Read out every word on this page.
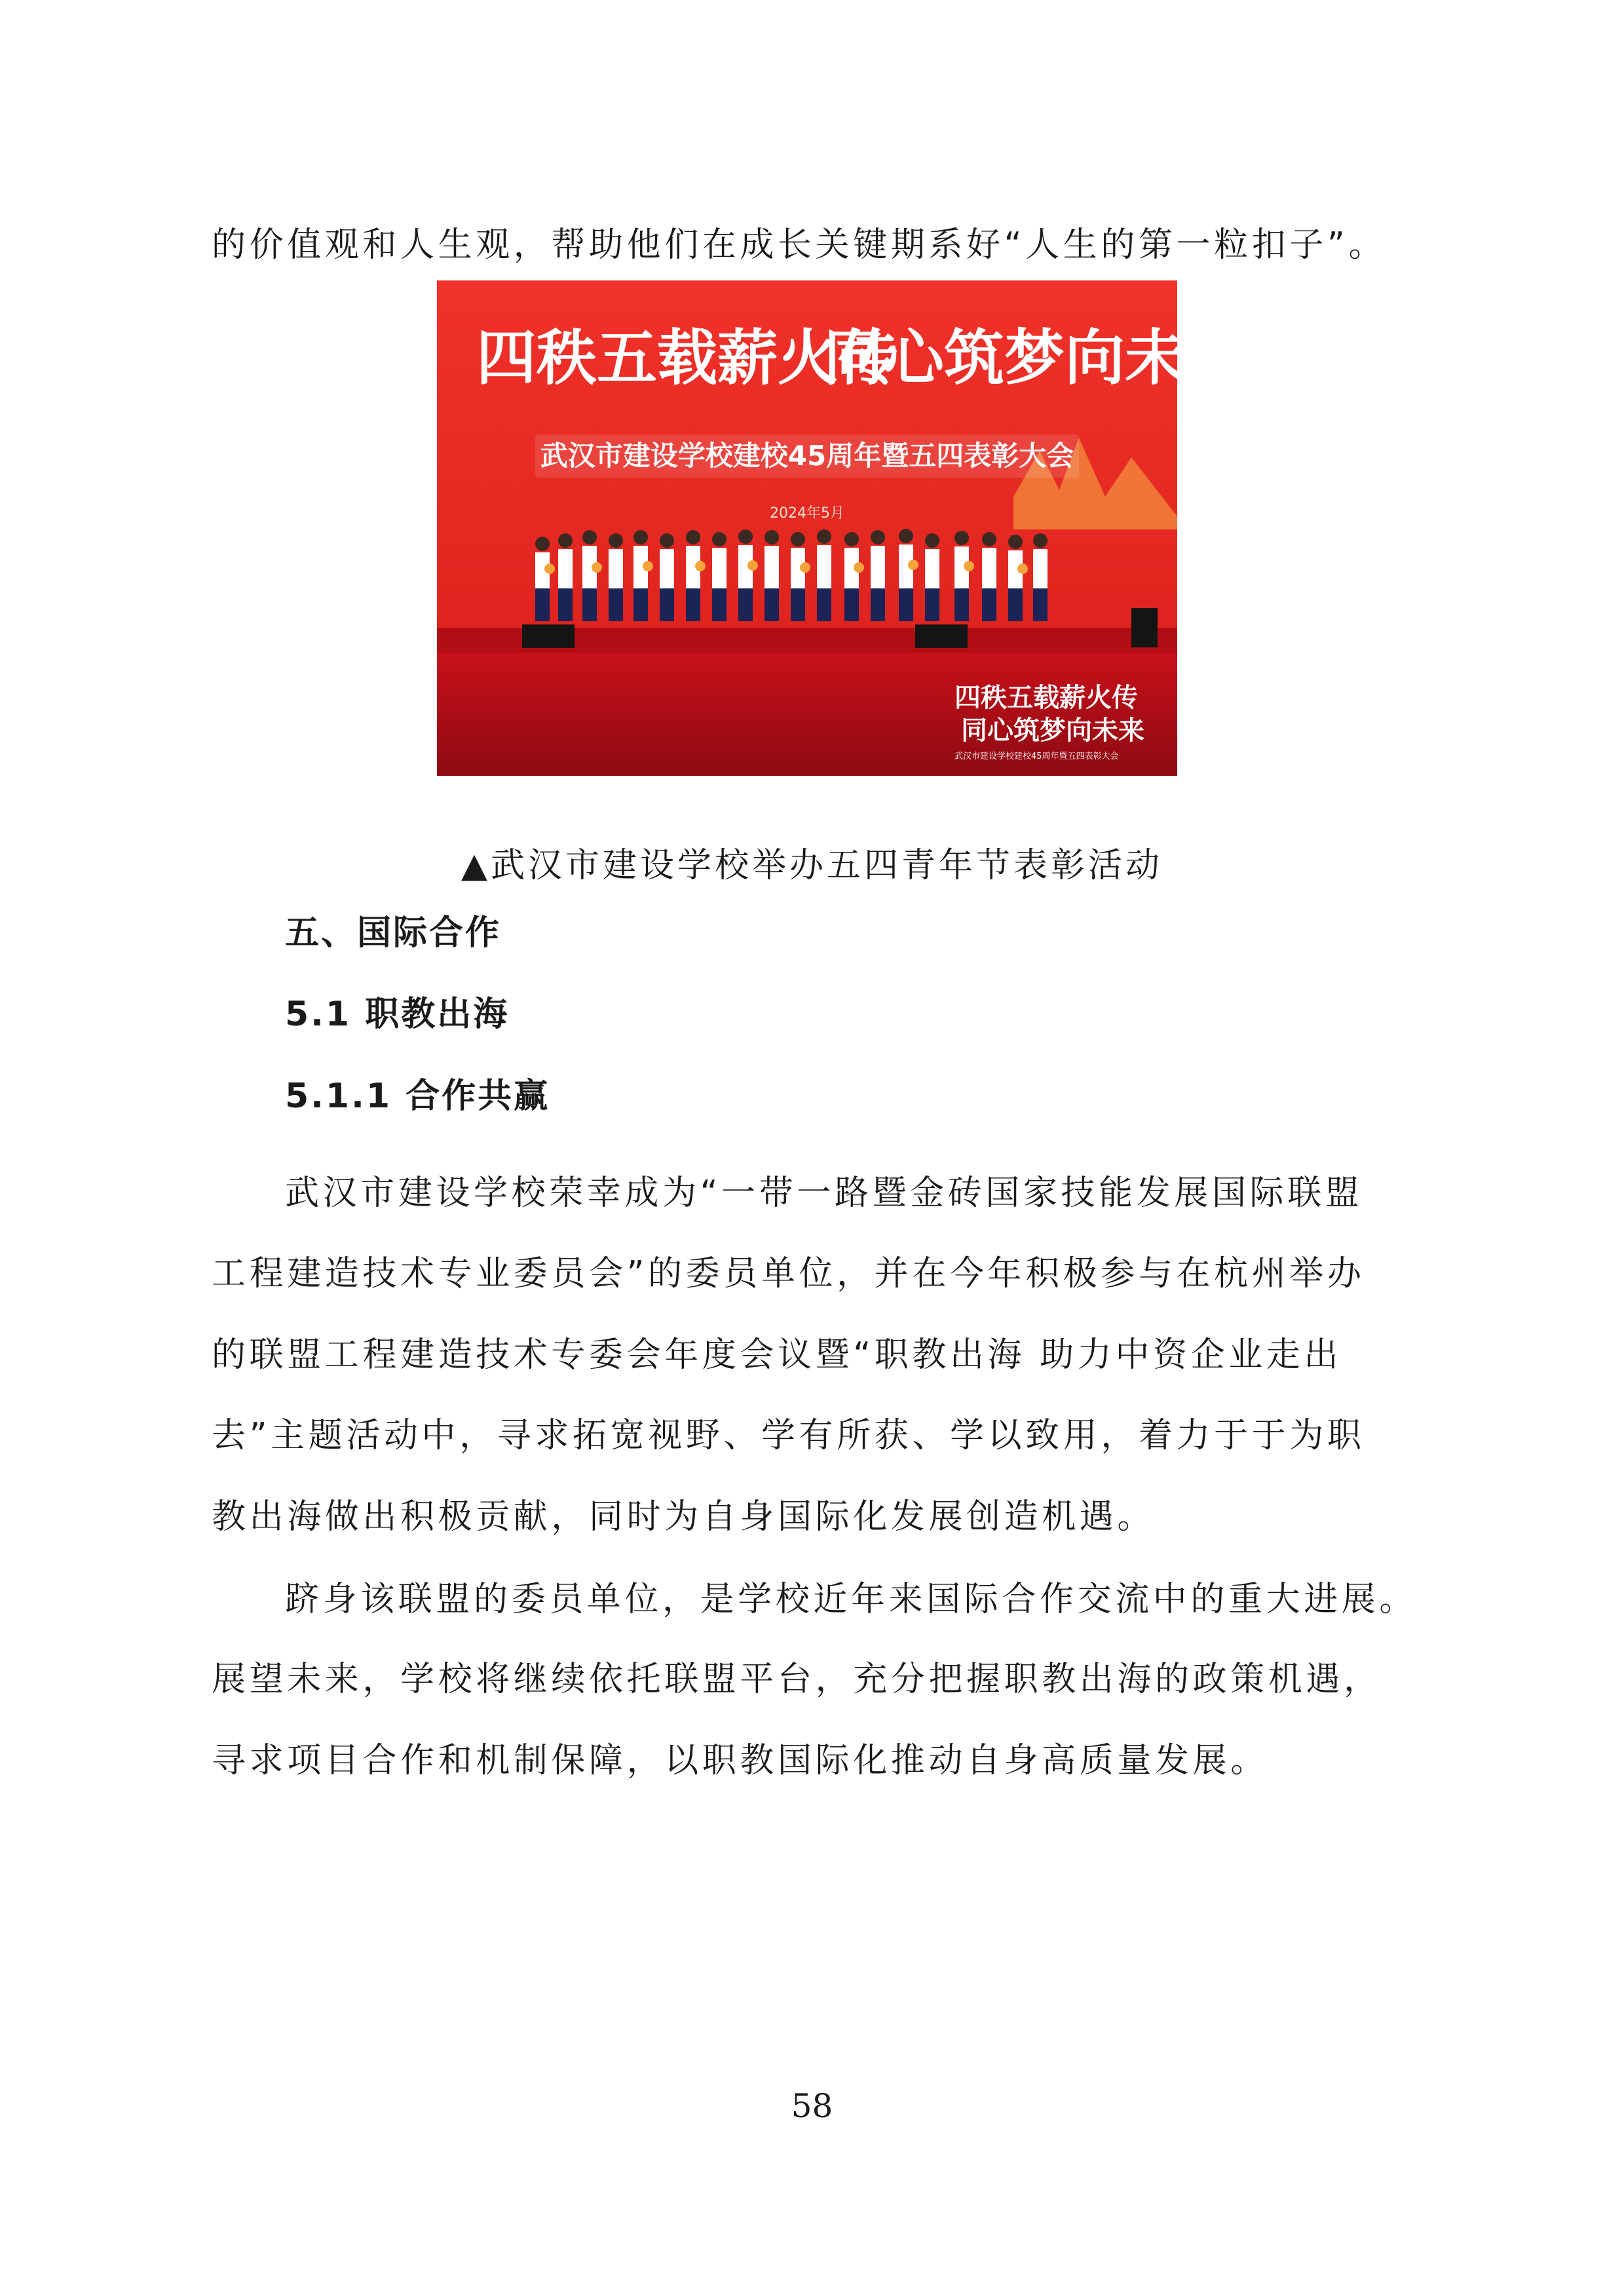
的价值观和人生观，帮助他们在成长关键期系好“人生的第一粒扣子”。

四秩五载薪火传
同心筑梦向未来
武汉市建设学校建校45周年暨五四表彰大会
2024年5月
四秩五载薪火传
同心筑梦向未来
武汉市建设学校建校45周年暨五四表彰大会

▲武汉市建设学校举办五四青年节表彰活动

五、国际合作

5.1 职教出海

5.1.1 合作共赢

武汉市建设学校荣幸成为“一带一路暨金砖国家技能发展国际联盟

工程建造技术专业委员会”的委员单位，并在今年积极参与在杭州举办

的联盟工程建造技术专委会年度会议暨“职教出海 助力中资企业走出

去”主题活动中，寻求拓宽视野、学有所获、学以致用，着力于于为职

教出海做出积极贡献，同时为自身国际化发展创造机遇。

跻身该联盟的委员单位，是学校近年来国际合作交流中的重大进展。

展望未来，学校将继续依托联盟平台，充分把握职教出海的政策机遇，

寻求项目合作和机制保障，以职教国际化推动自身高质量发展。

58
